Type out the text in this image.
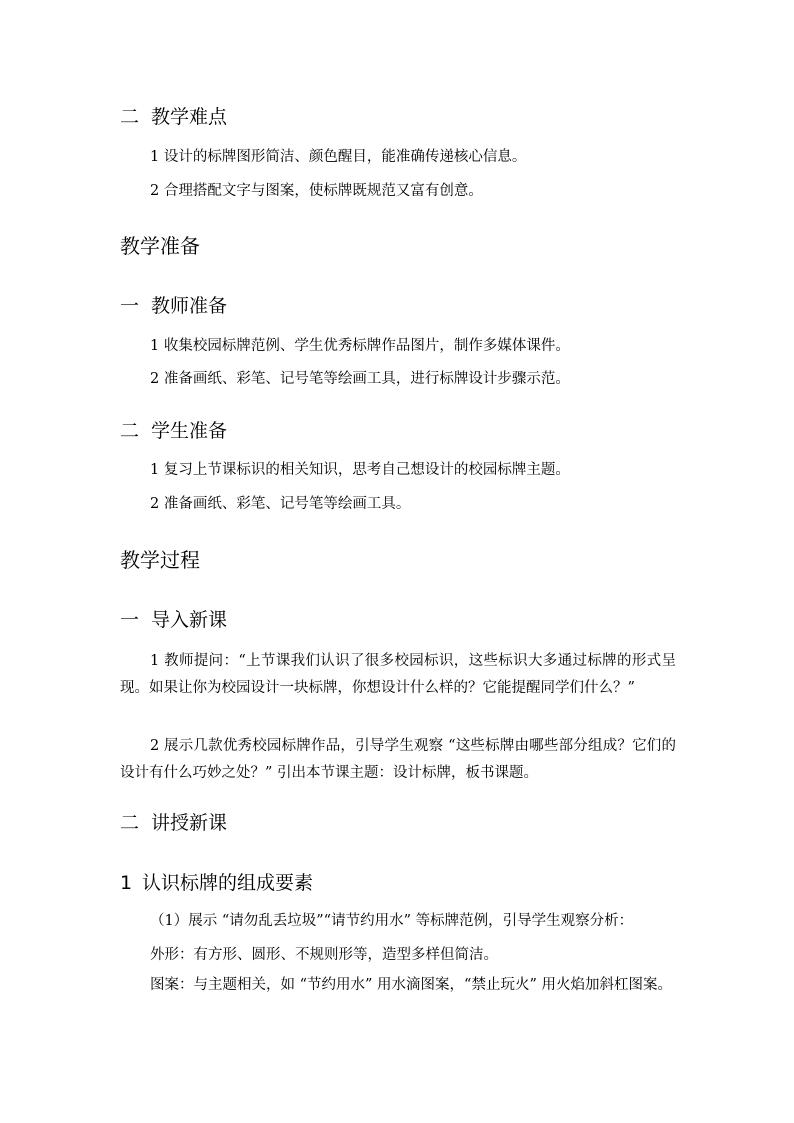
二 教学难点
1 设计的标牌图形简洁、颜色醒目，能准确传递核心信息。
2 合理搭配文字与图案，使标牌既规范又富有创意。
教学准备
一 教师准备
1 收集校园标牌范例、学生优秀标牌作品图片，制作多媒体课件。
2 准备画纸、彩笔、记号笔等绘画工具，进行标牌设计步骤示范。
二 学生准备
1 复习上节课标识的相关知识，思考自己想设计的校园标牌主题。
2 准备画纸、彩笔、记号笔等绘画工具。
教学过程
一 导入新课
1 教师提问：“上节课我们认识了很多校园标识，这些标识大多通过标牌的形式呈现。如果让你为校园设计一块标牌，你想设计什么样的？它能提醒同学们什么？”
2 展示几款优秀校园标牌作品，引导学生观察 “这些标牌由哪些部分组成？它们的设计有什么巧妙之处？” 引出本节课主题：设计标牌，板书课题。
二 讲授新课
1 认识标牌的组成要素
（1）展示 “请勿乱丢垃圾”“请节约用水” 等标牌范例，引导学生观察分析：
外形：有方形、圆形、不规则形等，造型多样但简洁。
图案：与主题相关，如 “节约用水” 用水滴图案，“禁止玩火” 用火焰加斜杠图案。
